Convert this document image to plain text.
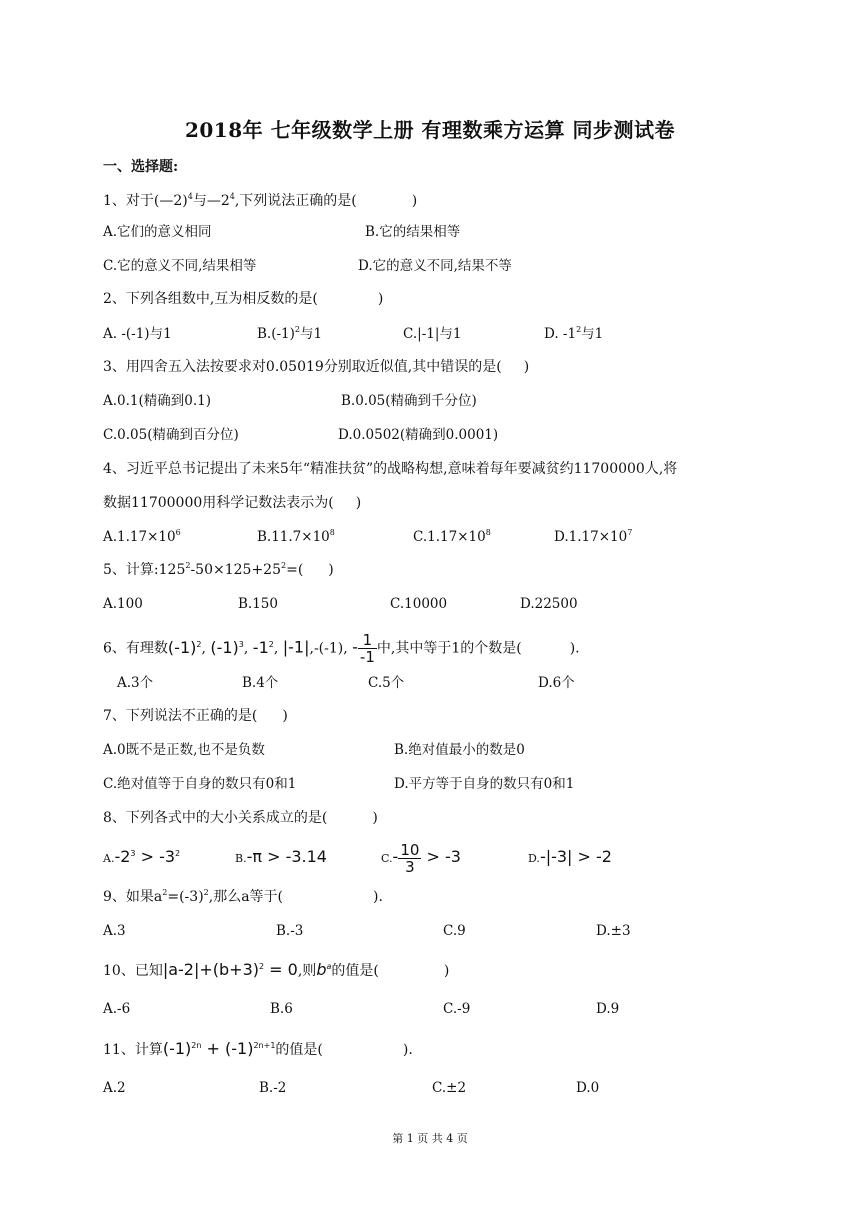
2018年 七年级数学上册 有理数乘方运算 同步测试卷
一、选择题:
1、对于(—2)$^4$与$—2^4$,下列说法正确的是(	)
A.它们的意义相同	B.它的结果相等
C.它的意义不同,结果相等	D.它的意义不同,结果不等
2、下列各组数中,互为相反数的是(	)
A. -(-1)与1	$B.(-1)^2$与1	C.|-1|与1	D. $-1^2$与1
3、用四舍五入法按要求对0.05019分别取近似值,其中错误的是( )
A.0.1(精确到0.1)	B.0.05(精确到千分位)
C.0.05(精确到百分位)	D.0.0502(精确到0.0001)
4、习近平总书记提出了未来5年“精准扶贫”的战略构想,意味着每年要减贫约11700000人,将
数据11700000用科学记数法表示为( )
$A.1.17\times 10^6$	$B.11.7\times 10^8$	$C.1.17\times 10^8$	$D.1.17\times 10^7$
5、计算$:125^2-50\times 125+25^2=$( )
A.100	B.150	C.10000	D.22500
6、有理数$(-1)^2$, $(-1)^3$, $-1^2$, |-1|,-(-1), - $\frac{1}{-1}$ 中,其中等于1的个数是(	).
A.3个	B.4个	C.5个	D.6个
7、下列说法不正确的是( )
A.0既不是正数,也不是负数	B.绝对值最小的数是0
C.绝对值等于自身的数只有0和1	D.平方等于自身的数只有0和1
8、下列各式中的大小关系成立的是(	)
$A.-2^3 > -3^2$	B.-π > -3.14	$C.- \frac{10}{3} > -3$	D.-|-3| > -2
9、如果$a^2=(-3)^2$,那么a等于(	).
A.3	B.-3	C.9	D.±3
10、已知$|a-2|+(b+3)^2 = 0$,则$b^a$的值是(	)
A.-6	B.6	C.-9	D.9
11、计算$(-1)^{2n} + (-1)^{2n+1}$的值是(	).
A.2	B.-2	C.±2	D.0
第 1 页 共 4 页
